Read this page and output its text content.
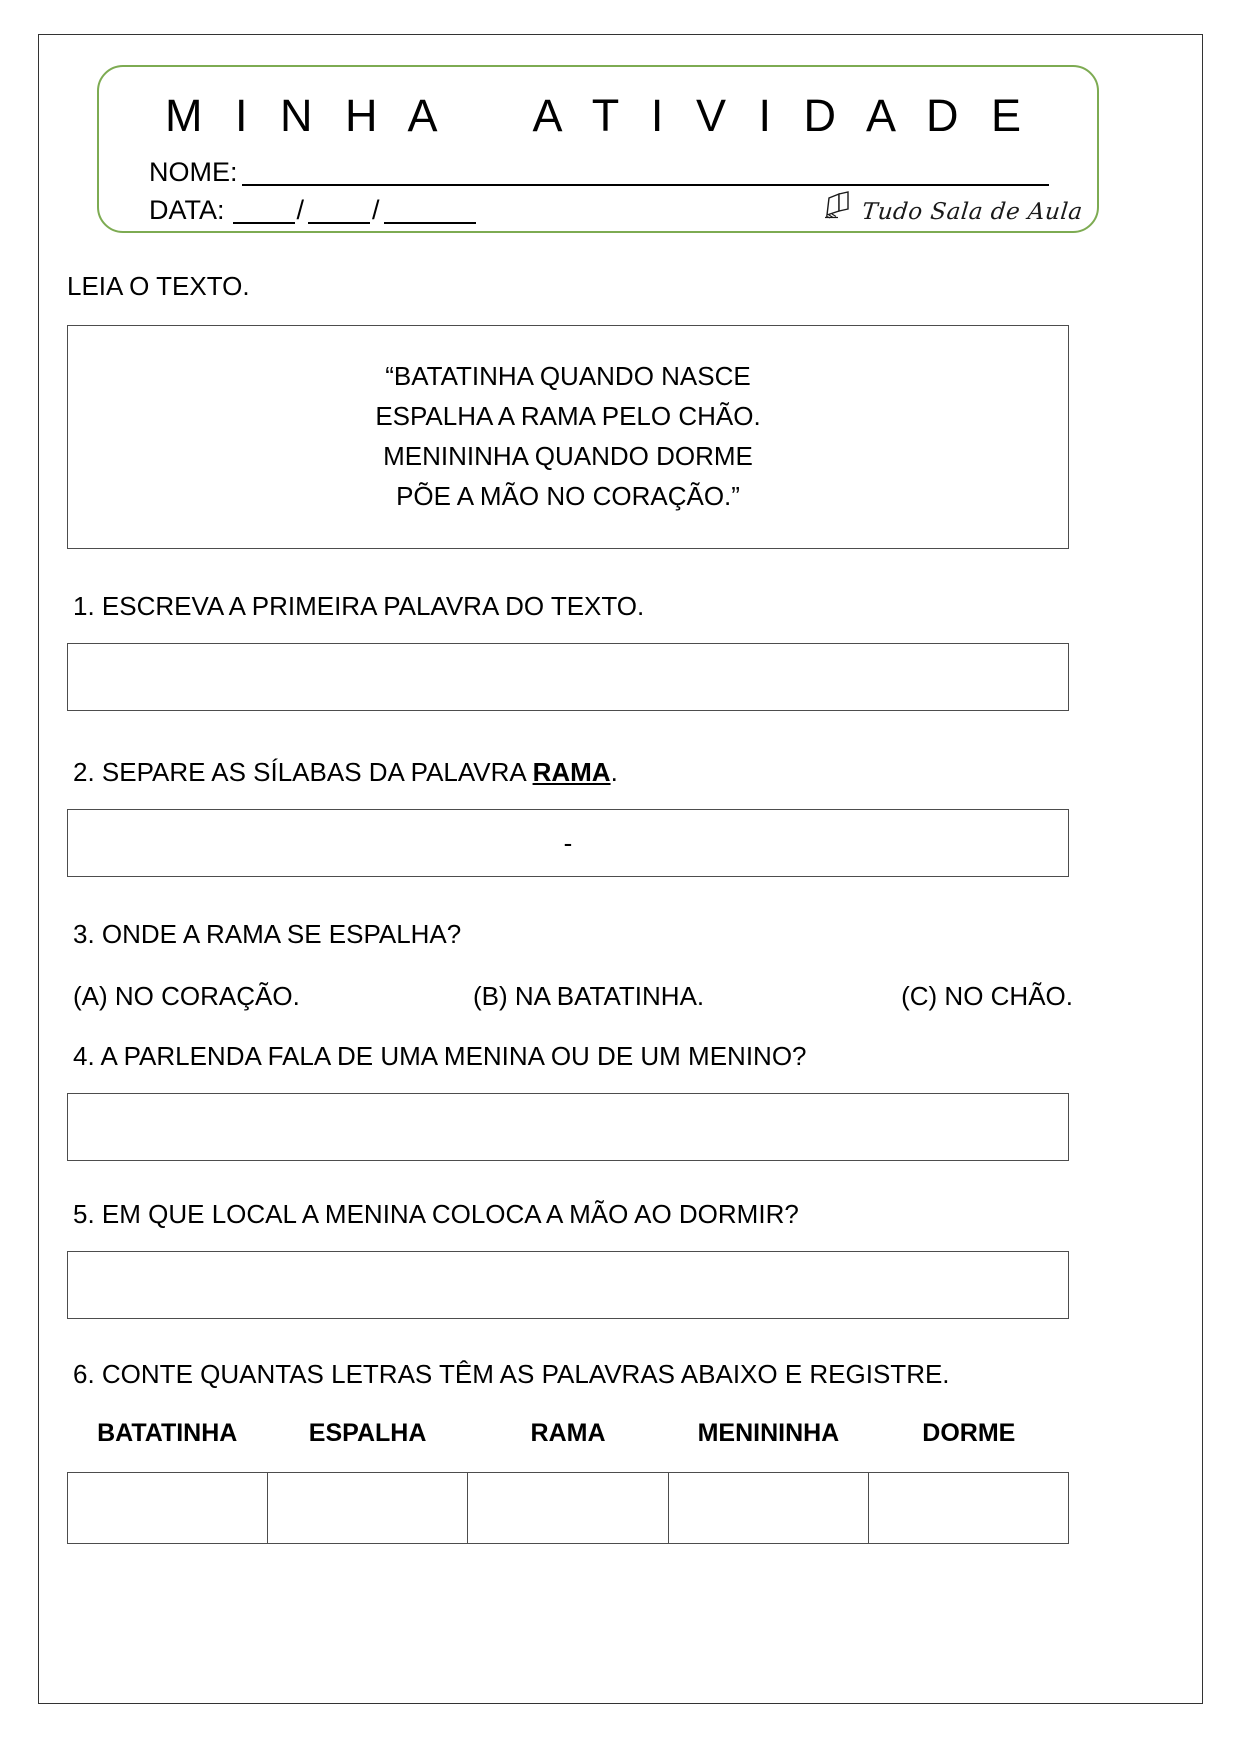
M I N H A    A T I V I D A D E
NOME:
DATA:	/	/	Tudo Sala de Aula
LEIA O TEXTO.
“BATATINHA QUANDO NASCE
ESPALHA A RAMA PELO CHÃO.
MENININHA QUANDO DORME
PÕE A MÃO NO CORAÇÃO.”
1. ESCREVA A PRIMEIRA PALAVRA DO TEXTO.
2. SEPARE AS SÍLABAS DA PALAVRA RAMA.
-
3. ONDE A RAMA SE ESPALHA?
(A) NO CORAÇÃO.	(B) NA BATATINHA.	(C) NO CHÃO.
4. A PARLENDA FALA DE UMA MENINA OU DE UM MENINO?
5. EM QUE LOCAL A MENINA COLOCA A MÃO AO DORMIR?
6. CONTE QUANTAS LETRAS TÊM AS PALAVRAS ABAIXO E REGISTRE.
BATATINHA	ESPALHA	RAMA	MENININHA	DORME
